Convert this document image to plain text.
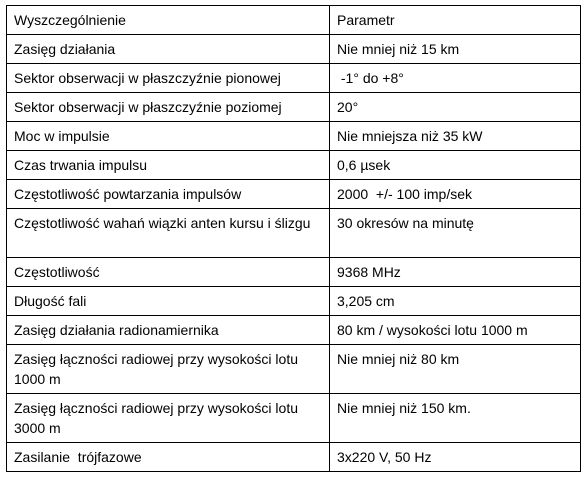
Wyszczególnienie	Parametr
Zasięg działania	Nie mniej niż 15 km
Sektor obserwacji w płaszczyźnie pionowej	-1° do +8°
Sektor obserwacji w płaszczyźnie poziomej	20°
Moc w impulsie	Nie mniejsza niż 35 kW
Czas trwania impulsu	0,6 µsek
Częstotliwość powtarzania impulsów	2000  +/- 100 imp/sek
Częstotliwość wahań wiązki anten kursu i ślizgu	30 okresów na minutę
Częstotliwość	9368 MHz
Długość fali	3,205 cm
Zasięg działania radionamiernika	80 km / wysokości lotu 1000 m
Zasięg łączności radiowej przy wysokości lotu 1000 m	Nie mniej niż 80 km
Zasięg łączności radiowej przy wysokości lotu 3000 m	Nie mniej niż 150 km.
Zasilanie  trójfazowe	3x220 V, 50 Hz
